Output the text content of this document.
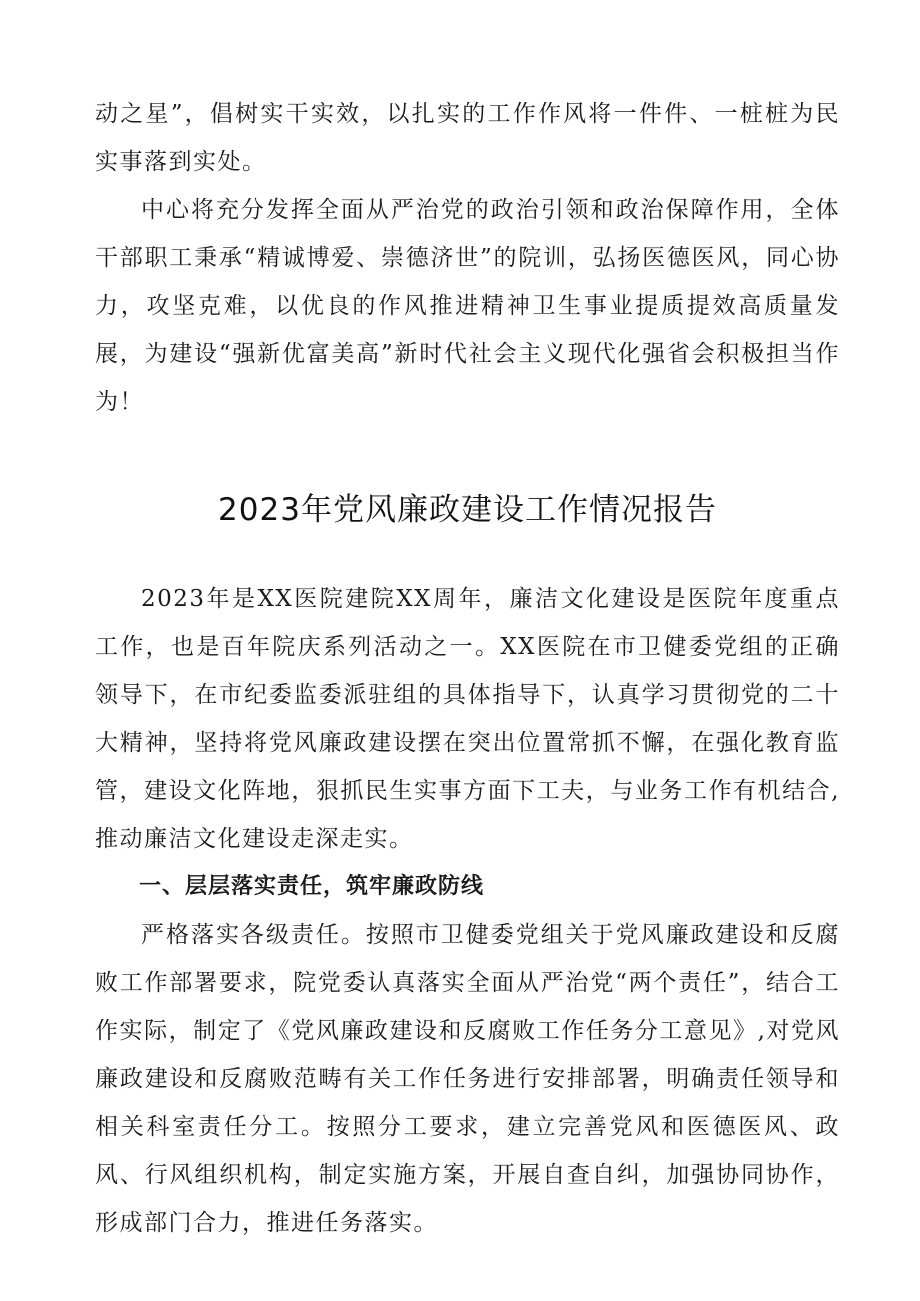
动之星”，倡树实干实效，以扎实的工作作风将一件件、一桩桩为民实事落到实处。

中心将充分发挥全面从严治党的政治引领和政治保障作用，全体干部职工秉承“精诚博爱、崇德济世”的院训，弘扬医德医风，同心协力，攻坚克难，以优良的作风推进精神卫生事业提质提效高质量发展，为建设“强新优富美高”新时代社会主义现代化强省会积极担当作为！

2023年党风廉政建设工作情况报告

2023年是XX医院建院XX周年，廉洁文化建设是医院年度重点工作，也是百年院庆系列活动之一。XX医院在市卫健委党组的正确领导下，在市纪委监委派驻组的具体指导下，认真学习贯彻党的二十大精神，坚持将党风廉政建设摆在突出位置常抓不懈，在强化教育监管，建设文化阵地，狠抓民生实事方面下工夫，与业务工作有机结合,推动廉洁文化建设走深走实。

一、层层落实责任，筑牢廉政防线

严格落实各级责任。按照市卫健委党组关于党风廉政建设和反腐败工作部署要求，院党委认真落实全面从严治党“两个责任”，结合工作实际，制定了《党风廉政建设和反腐败工作任务分工意见》,对党风廉政建设和反腐败范畴有关工作任务进行安排部署，明确责任领导和相关科室责任分工。按照分工要求，建立完善党风和医德医风、政风、行风组织机构，制定实施方案，开展自查自纠，加强协同协作，形成部门合力，推进任务落实。
